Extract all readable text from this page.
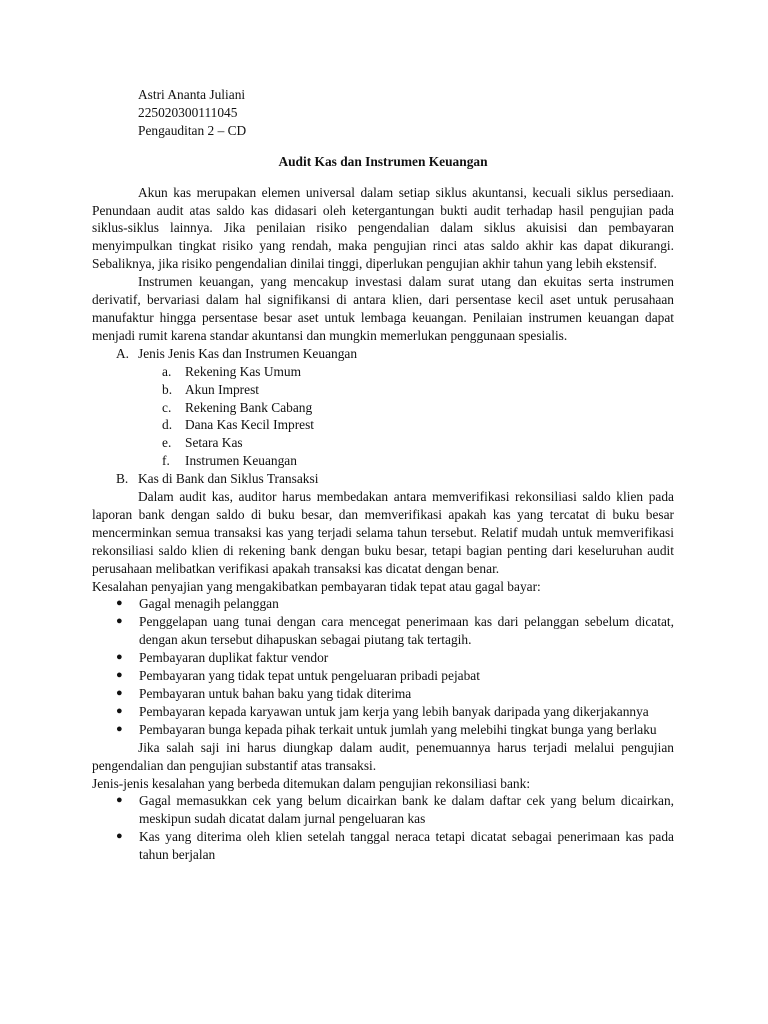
Astri Ananta Juliani

225020300111045

Pengauditan 2 – CD

Audit Kas dan Instrumen Keuangan

Akun kas merupakan elemen universal dalam setiap siklus akuntansi, kecuali siklus persediaan. Penundaan audit atas saldo kas didasari oleh ketergantungan bukti audit terhadap hasil pengujian pada siklus-siklus lainnya. Jika penilaian risiko pengendalian dalam siklus akuisisi dan pembayaran menyimpulkan tingkat risiko yang rendah, maka pengujian rinci atas saldo akhir kas dapat dikurangi. Sebaliknya, jika risiko pengendalian dinilai tinggi, diperlukan pengujian akhir tahun yang lebih ekstensif.

Instrumen keuangan, yang mencakup investasi dalam surat utang dan ekuitas serta instrumen derivatif, bervariasi dalam hal signifikansi di antara klien, dari persentase kecil aset untuk perusahaan manufaktur hingga persentase besar aset untuk lembaga keuangan. Penilaian instrumen keuangan dapat menjadi rumit karena standar akuntansi dan mungkin memerlukan penggunaan spesialis.

A. Jenis Jenis Kas dan Instrumen Keuangan
a.	Rekening Kas Umum
b. Akun Imprest
c.	Rekening Bank Cabang
d. Dana Kas Kecil Imprest
e.	Setara Kas
f.	Instrumen Keuangan
B. Kas di Bank dan Siklus Transaksi

Dalam audit kas, auditor harus membedakan antara memverifikasi rekonsiliasi saldo klien pada laporan bank dengan saldo di buku besar, dan memverifikasi apakah kas yang tercatat di buku besar mencerminkan semua transaksi kas yang terjadi selama tahun tersebut. Relatif mudah untuk memverifikasi rekonsiliasi saldo klien di rekening bank dengan buku besar, tetapi bagian penting dari keseluruhan audit perusahaan melibatkan verifikasi apakah transaksi kas dicatat dengan benar.

Kesalahan penyajian yang mengakibatkan pembayaran tidak tepat atau gagal bayar:

●	Gagal menagih pelanggan
●	Penggelapan uang tunai dengan cara mencegat penerimaan kas dari pelanggan sebelum dicatat, dengan akun tersebut dihapuskan sebagai piutang tak tertagih.
●	Pembayaran duplikat faktur vendor
●	Pembayaran yang tidak tepat untuk pengeluaran pribadi pejabat
●	Pembayaran untuk bahan baku yang tidak diterima
●	Pembayaran kepada karyawan untuk jam kerja yang lebih banyak daripada yang dikerjakannya
●	Pembayaran bunga kepada pihak terkait untuk jumlah yang melebihi tingkat bunga yang berlaku

Jika salah saji ini harus diungkap dalam audit, penemuannya harus terjadi melalui pengujian pengendalian dan pengujian substantif atas transaksi.

Jenis-jenis kesalahan yang berbeda ditemukan dalam pengujian rekonsiliasi bank:

●	Gagal memasukkan cek yang belum dicairkan bank ke dalam daftar cek yang belum dicairkan, meskipun sudah dicatat dalam jurnal pengeluaran kas
●	Kas yang diterima oleh klien setelah tanggal neraca tetapi dicatat sebagai penerimaan kas pada tahun berjalan
